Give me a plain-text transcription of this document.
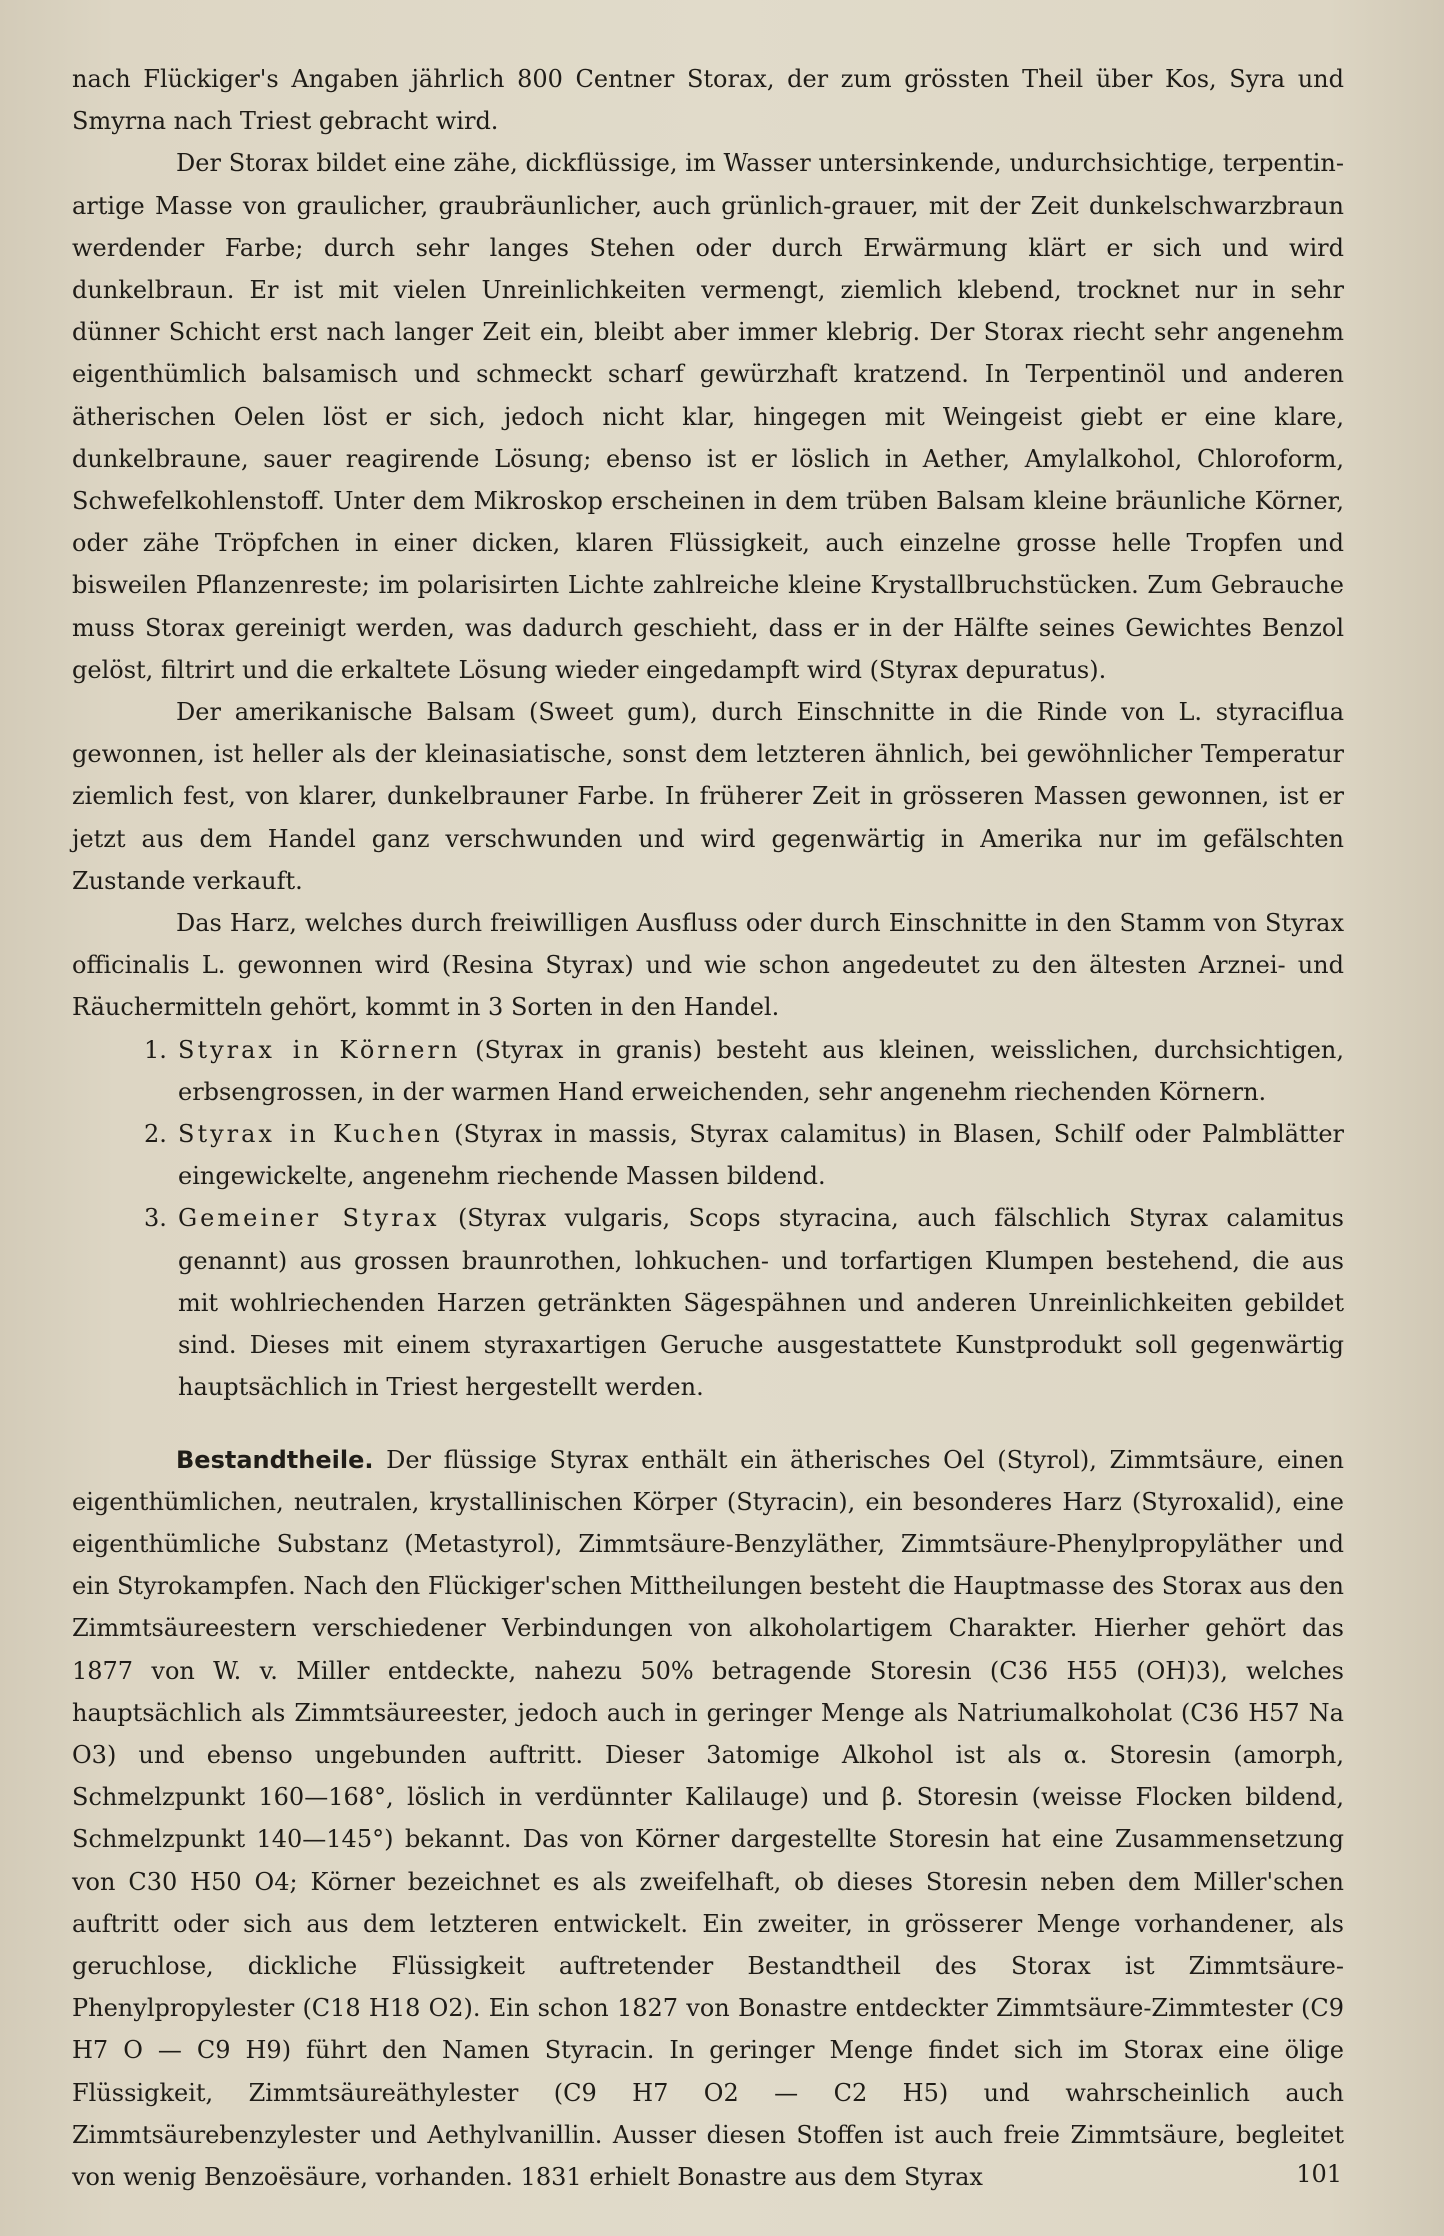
nach Flückiger's Angaben jährlich 800 Centner Storax, der zum grössten Theil über Kos, Syra und Smyrna nach Triest gebracht wird.

Der Storax bildet eine zähe, dickflüssige, im Wasser untersinkende, undurchsichtige, terpentinartige Masse von graulicher, graubräunlicher, auch grünlich-grauer, mit der Zeit dunkelschwarzbraun werdender Farbe; durch sehr langes Stehen oder durch Erwärmung klärt er sich und wird dunkelbraun. Er ist mit vielen Unreinlichkeiten vermengt, ziemlich klebend, trocknet nur in sehr dünner Schicht erst nach langer Zeit ein, bleibt aber immer klebrig. Der Storax riecht sehr angenehm eigenthümlich balsamisch und schmeckt scharf gewürzhaft kratzend. In Terpentinöl und anderen ätherischen Oelen löst er sich, jedoch nicht klar, hingegen mit Weingeist giebt er eine klare, dunkelbraune, sauer reagirende Lösung; ebenso ist er löslich in Aether, Amylalkohol, Chloroform, Schwefelkohlenstoff. Unter dem Mikroskop erscheinen in dem trüben Balsam kleine bräunliche Körner, oder zähe Tröpfchen in einer dicken, klaren Flüssigkeit, auch einzelne grosse helle Tropfen und bisweilen Pflanzenreste; im polarisirten Lichte zahlreiche kleine Krystallbruchstücken. Zum Gebrauche muss Storax gereinigt werden, was dadurch geschieht, dass er in der Hälfte seines Gewichtes Benzol gelöst, filtrirt und die erkaltete Lösung wieder eingedampft wird (Styrax depuratus).

Der amerikanische Balsam (Sweet gum), durch Einschnitte in die Rinde von L. styraciflua gewonnen, ist heller als der kleinasiatische, sonst dem letzteren ähnlich, bei gewöhnlicher Temperatur ziemlich fest, von klarer, dunkelbrauner Farbe. In früherer Zeit in grösseren Massen gewonnen, ist er jetzt aus dem Handel ganz verschwunden und wird gegenwärtig in Amerika nur im gefälschten Zustande verkauft.

Das Harz, welches durch freiwilligen Ausfluss oder durch Einschnitte in den Stamm von Styrax officinalis L. gewonnen wird (Resina Styrax) und wie schon angedeutet zu den ältesten Arznei- und Räuchermitteln gehört, kommt in 3 Sorten in den Handel.

1. Styrax in Körnern (Styrax in granis) besteht aus kleinen, weisslichen, durchsichtigen, erbsengrossen, in der warmen Hand erweichenden, sehr angenehm riechenden Körnern.
2. Styrax in Kuchen (Styrax in massis, Styrax calamitus) in Blasen, Schilf oder Palmblätter eingewickelte, angenehm riechende Massen bildend.
3. Gemeiner Styrax (Styrax vulgaris, Scops styracina, auch fälschlich Styrax calamitus genannt) aus grossen braunrothen, lohkuchen- und torfartigen Klumpen bestehend, die aus mit wohlriechenden Harzen getränkten Sägespähnen und anderen Unreinlichkeiten gebildet sind. Dieses mit einem styraxartigen Geruche ausgestattete Kunstprodukt soll gegenwärtig hauptsächlich in Triest hergestellt werden.

Bestandtheile. Der flüssige Styrax enthält ein ätherisches Oel (Styrol), Zimmtsäure, einen eigenthümlichen, neutralen, krystallinischen Körper (Styracin), ein besonderes Harz (Styroxalid), eine eigenthümliche Substanz (Metastyrol), Zimmtsäure-Benzyläther, Zimmtsäure-Phenylpropyläther und ein Styrokampfen. Nach den Flückiger'schen Mittheilungen besteht die Hauptmasse des Storax aus den Zimmtsäureestern verschiedener Verbindungen von alkoholartigem Charakter. Hierher gehört das 1877 von W. v. Miller entdeckte, nahezu 50% betragende Storesin (C36 H55 (OH)3), welches hauptsächlich als Zimmtsäureester, jedoch auch in geringer Menge als Natriumalkoholat (C36 H57 Na O3) und ebenso ungebunden auftritt. Dieser 3atomige Alkohol ist als α. Storesin (amorph, Schmelzpunkt 160—168°, löslich in verdünnter Kalilauge) und β. Storesin (weisse Flocken bildend, Schmelzpunkt 140—145°) bekannt. Das von Körner dargestellte Storesin hat eine Zusammensetzung von C30 H50 O4; Körner bezeichnet es als zweifelhaft, ob dieses Storesin neben dem Miller'schen auftritt oder sich aus dem letzteren entwickelt. Ein zweiter, in grösserer Menge vorhandener, als geruchlose, dickliche Flüssigkeit auftretender Bestandtheil des Storax ist Zimmtsäure-Phenylpropylester (C18 H18 O2). Ein schon 1827 von Bonastre entdeckter Zimmtsäure-Zimmtester (C9 H7 O — C9 H9) führt den Namen Styracin. In geringer Menge findet sich im Storax eine ölige Flüssigkeit, Zimmtsäureäthylester (C9 H7 O2 — C2 H5) und wahrscheinlich auch Zimmtsäurebenzylester und Aethylvanillin. Ausser diesen Stoffen ist auch freie Zimmtsäure, begleitet von wenig Benzoësäure, vorhanden. 1831 erhielt Bonastre aus dem Styrax	101
